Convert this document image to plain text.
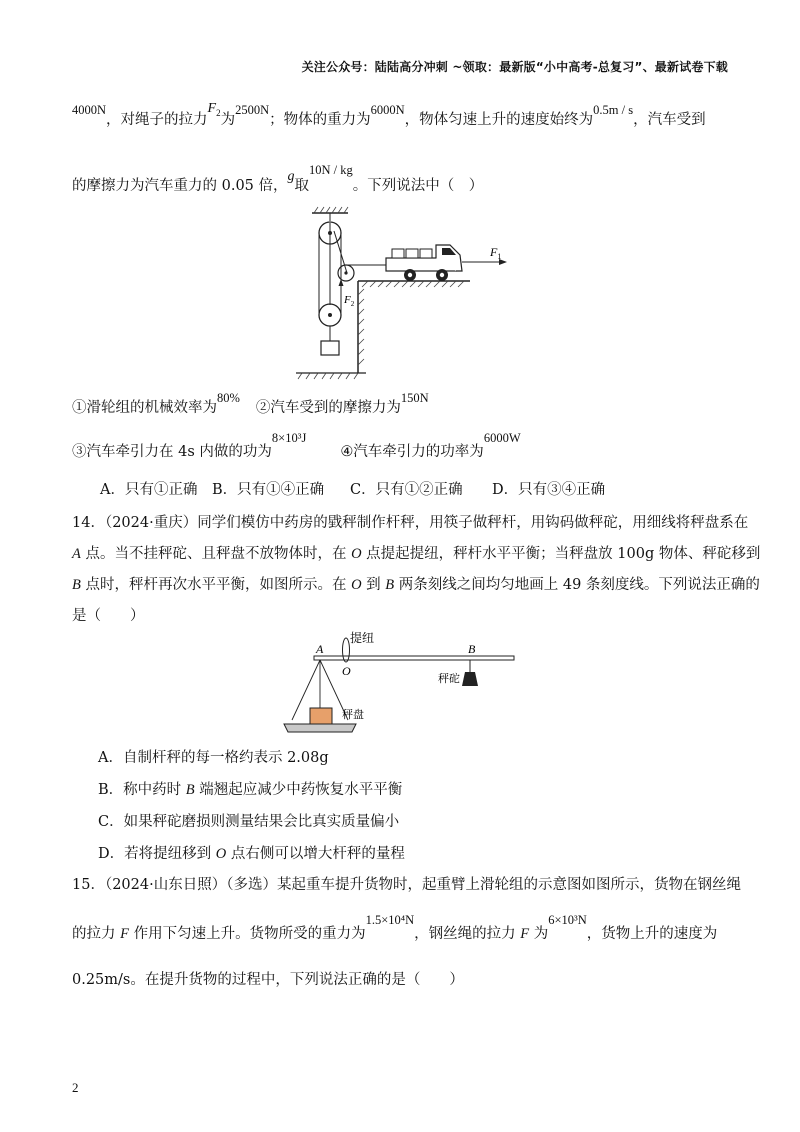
关注公众号：陆陆高分冲刺 ~领取：最新版“小中高考-总复习”、最新试卷下载
4000N，对绳子的拉力$F_2$为2500N；物体的重力为6000N，物体匀速上升的速度始终为0.5m / s，汽车受到
的摩擦力为汽车重力的 0.05 倍，g取10N / kg。下列说法中（　）
$F_2$
$F_1$
①滑轮组的机械效率为80%②汽车受到的摩擦力为150N
③汽车牵引力在 4s 内做的功为8×10³J④汽车牵引力的功率为6000W
A．只有①正确 B．只有①④正确 C．只有①②正确 D．只有③④正确
14．（2024·重庆）同学们模仿中药房的戥秤制作杆秤，用筷子做秤杆，用钩码做秤砣，用细线将秤盘系在
A 点。当不挂秤砣、且秤盘不放物体时，在 O 点提起提纽，秤杆水平平衡；当秤盘放 100g 物体、秤砣移到
B 点时，秤杆再次水平平衡，如图所示。在 O 到 B 两条刻线之间均匀地画上 49 条刻度线。下列说法正确的
是（　　）
提纽
A
O
B
秤砣
秤盘
A．自制杆秤的每一格约表示 2.08g
B．称中药时 B 端翘起应减少中药恢复水平平衡
C．如果秤砣磨损则测量结果会比真实质量偏小
D．若将提纽移到 O 点右侧可以增大杆秤的量程
15．（2024·山东日照）（多选）某起重车提升货物时，起重臂上滑轮组的示意图如图所示，货物在钢丝绳
的拉力 F 作用下匀速上升。货物所受的重力为1.5×10⁴N，钢丝绳的拉力 F 为6×10³N，货物上升的速度为
0.25m/s。在提升货物的过程中，下列说法正确的是（　　）
2
